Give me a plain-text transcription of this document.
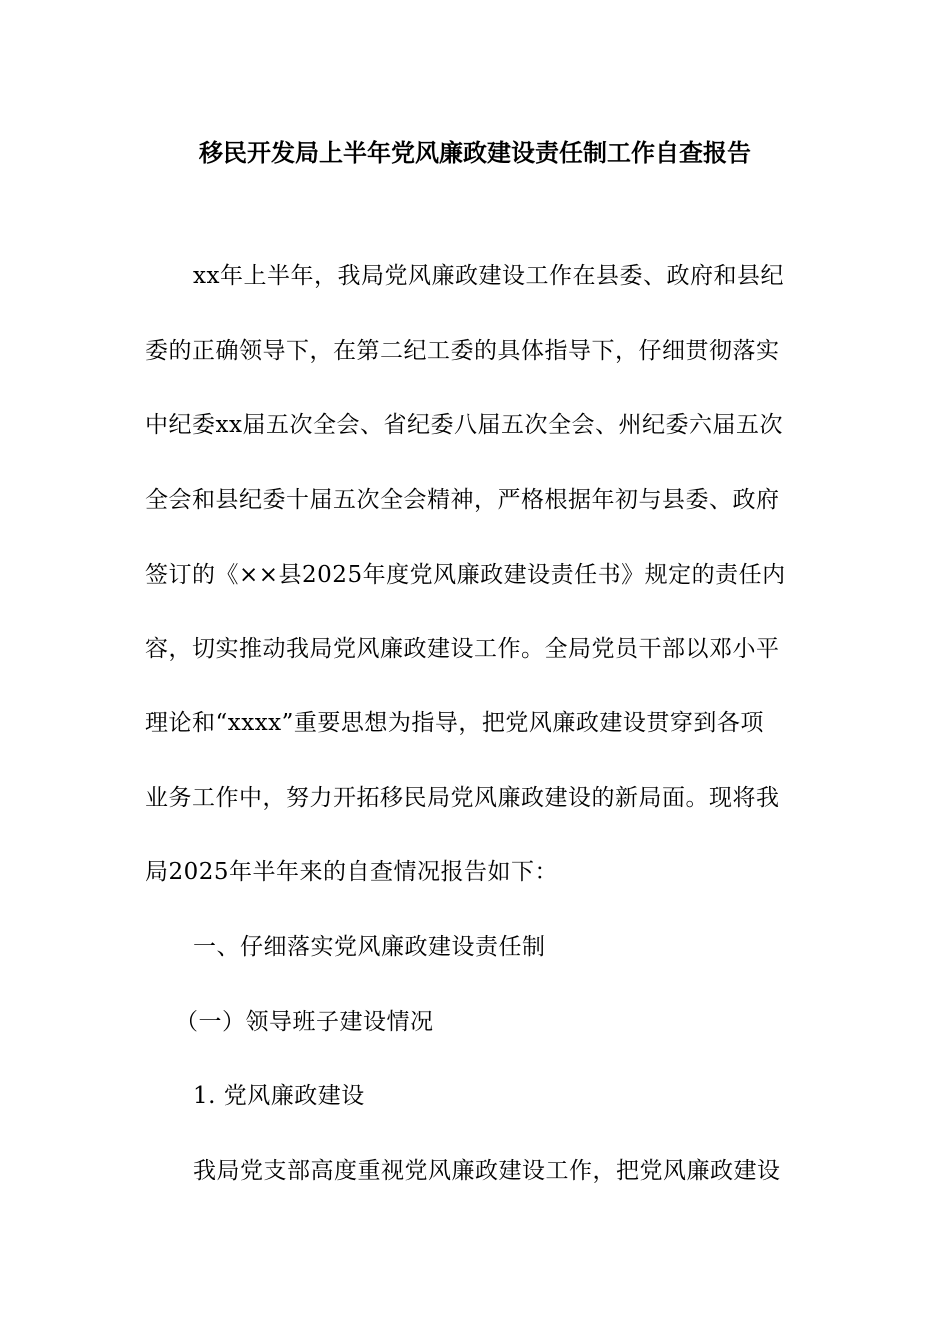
移民开发局上半年党风廉政建设责任制工作自查报告
xx年上半年，我局党风廉政建设工作在县委、政府和县纪
委的正确领导下，在第二纪工委的具体指导下，仔细贯彻落实
中纪委xx届五次全会、省纪委八届五次全会、州纪委六届五次
全会和县纪委十届五次全会精神，严格根据年初与县委、政府
签订的《××县2025年度党风廉政建设责任书》规定的责任内
容，切实推动我局党风廉政建设工作。全局党员干部以邓小平
理论和“xxxx”重要思想为指导，把党风廉政建设贯穿到各项
业务工作中，努力开拓移民局党风廉政建设的新局面。现将我
局2025年半年来的自查情况报告如下：
一、仔细落实党风廉政建设责任制
（一）领导班子建设情况
1. 党风廉政建设
我局党支部高度重视党风廉政建设工作，把党风廉政建设
